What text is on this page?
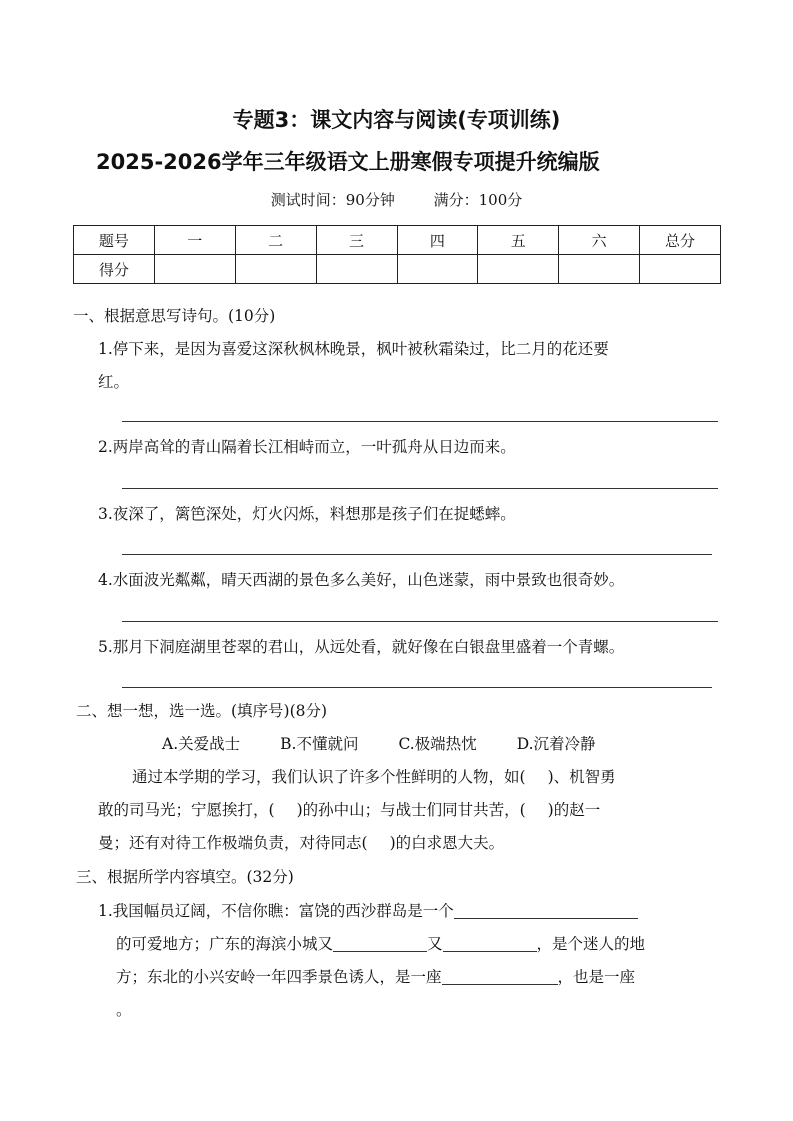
专题3：课文内容与阅读(专项训练)
2025-2026学年三年级语文上册寒假专项提升统编版
测试时间：90分钟	满分：100分
题号	一	二	三	四	五	六	总分
得分							
一、根据意思写诗句。(10分)
1.停下来，是因为喜爱这深秋枫林晚景，枫叶被秋霜染过，比二月的花还要
红。
2.两岸高耸的青山隔着长江相峙而立，一叶孤舟从日边而来。
3.夜深了，篱笆深处，灯火闪烁，料想那是孩子们在捉蟋蟀。
4.水面波光粼粼，晴天西湖的景色多么美好，山色迷蒙，雨中景致也很奇妙。
5.那月下洞庭湖里苍翠的君山，从远处看，就好像在白银盘里盛着一个青螺。
二、想一想，选一选。(填序号)(8分)
A.关爱战士	B.不懂就问	C.极端热忱	D.沉着冷静
通过本学期的学习，我们认识了许多个性鲜明的人物，如( )、机智勇
敢的司马光；宁愿挨打，( )的孙中山；与战士们同甘共苦，( )的赵一
曼；还有对待工作极端负责，对待同志( )的白求恩大夫。
三、根据所学内容填空。(32分)
1.我国幅员辽阔，不信你瞧：富饶的西沙群岛是一个
的可爱地方；广东的海滨小城又	又	，是个迷人的地
方；东北的小兴安岭一年四季景色诱人，是一座	，也是一座
。
